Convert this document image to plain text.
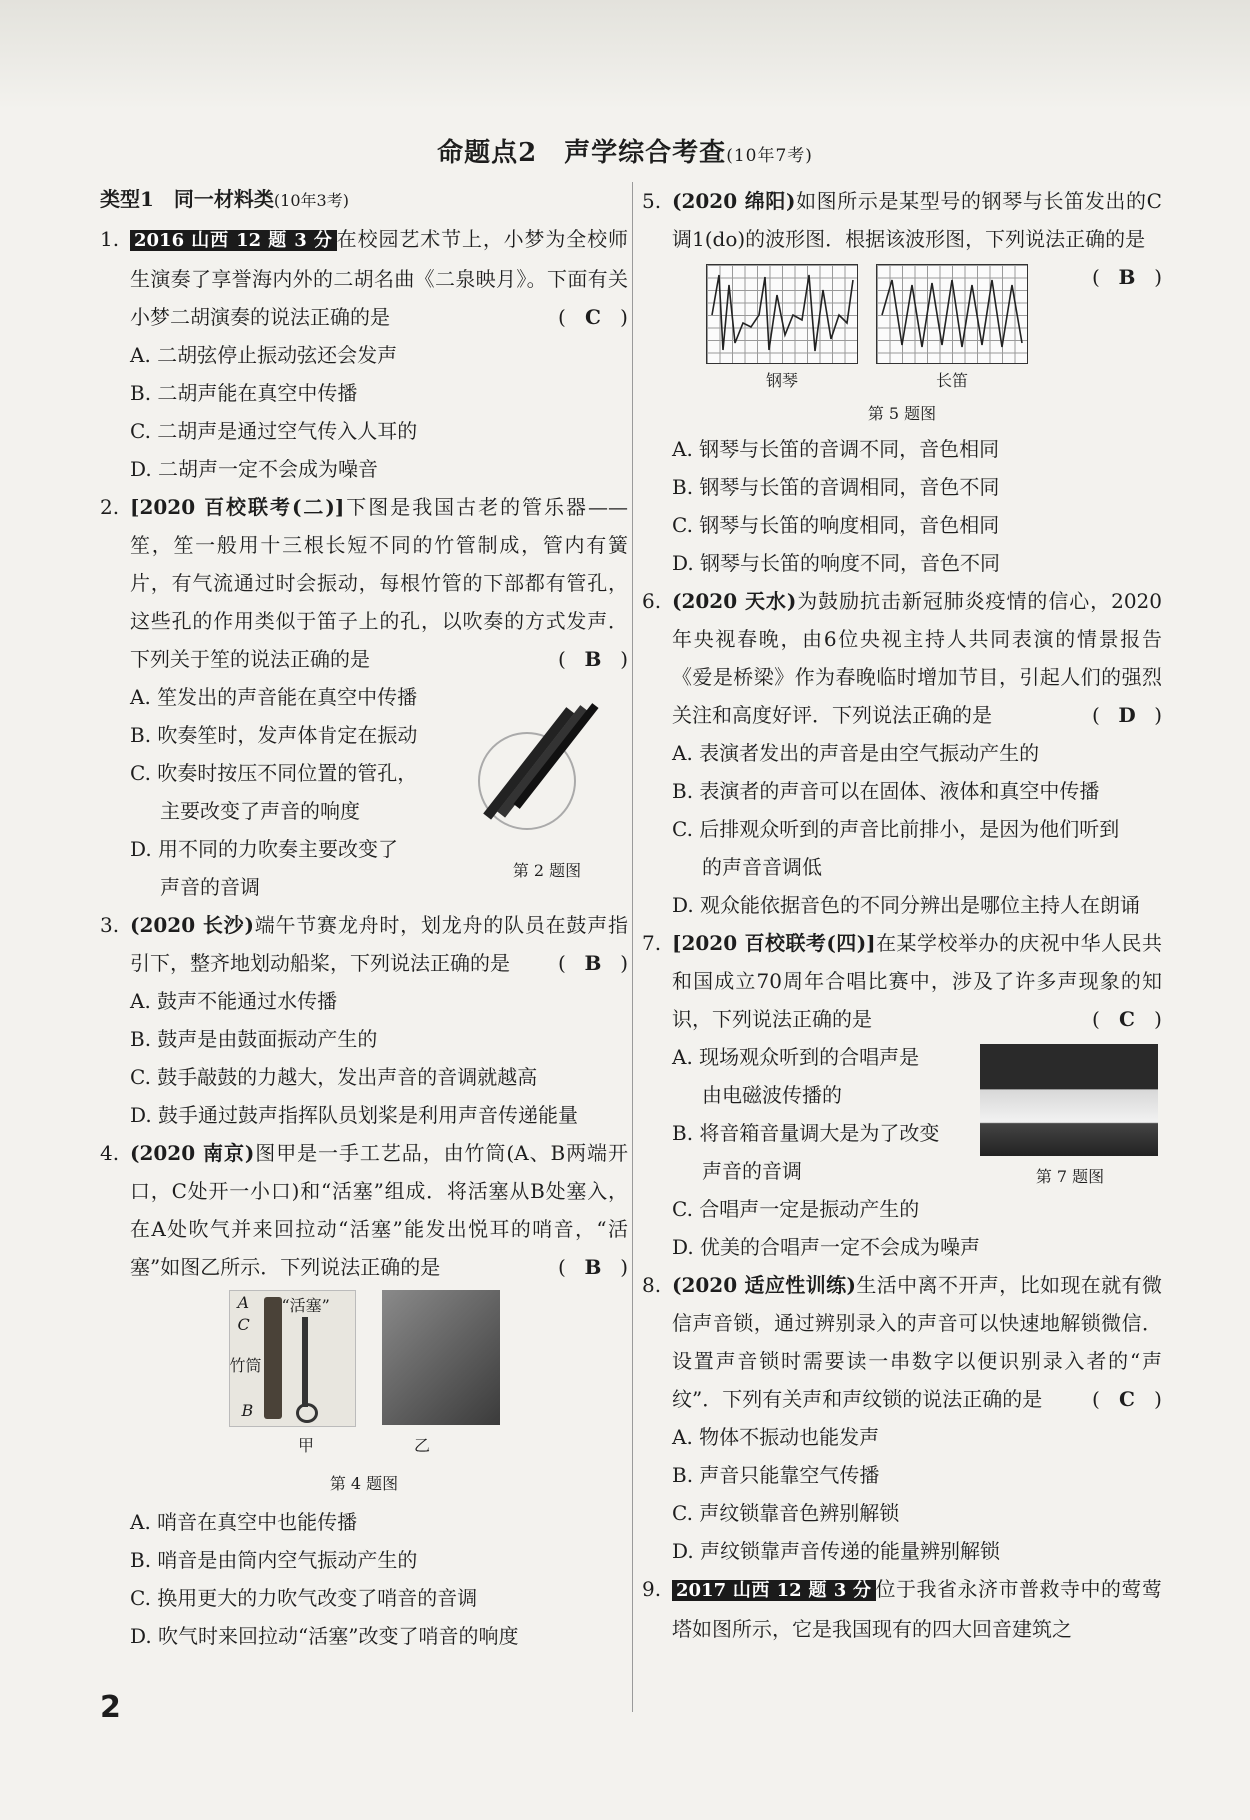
命题点2　声学综合考查(10年7考)
类型1　同一材料类(10年3考)
1. 2016 山西 12 题 3 分 在校园艺术节上，小梦为全校师生演奏了享誉海内外的二胡名曲《二泉映月》。下面有关小梦二胡演奏的说法正确的是	( C )
A. 二胡弦停止振动弦还会发声
B. 二胡声能在真空中传播
C. 二胡声是通过空气传入人耳的
D. 二胡声一定不会成为噪音
2. [2020 百校联考(二)]下图是我国古老的管乐器——笙，笙一般用十三根长短不同的竹管制成，管内有簧片，有气流通过时会振动，每根竹管的下部都有管孔，这些孔的作用类似于笛子上的孔，以吹奏的方式发声．下列关于笙的说法正确的是	( B )
A. 笙发出的声音能在真空中传播
B. 吹奏笙时，发声体肯定在振动
C. 吹奏时按压不同位置的管孔，
主要改变了声音的响度
D. 用不同的力吹奏主要改变了
声音的音调
第 2 题图
3. (2020 长沙)端午节赛龙舟时，划龙舟的队员在鼓声指引下，整齐地划动船桨，下列说法正确的是 ( B )
A. 鼓声不能通过水传播
B. 鼓声是由鼓面振动产生的
C. 鼓手敲鼓的力越大，发出声音的音调就越高
D. 鼓手通过鼓声指挥队员划桨是利用声音传递能量
4. (2020 南京)图甲是一手工艺品，由竹筒(A、B两端开口，C处开一小口)和“活塞”组成．将活塞从B处塞入，在A处吹气并来回拉动“活塞”能发出悦耳的哨音，“活塞”如图乙所示．下列说法正确的是	( B )
A
C
“活塞”
竹筒
B
甲	乙
第 4 题图
A. 哨音在真空中也能传播
B. 哨音是由筒内空气振动产生的
C. 换用更大的力吹气改变了哨音的音调
D. 吹气时来回拉动“活塞”改变了哨音的响度
5. (2020 绵阳)如图所示是某型号的钢琴与长笛发出的C调1(do)的波形图．根据该波形图，下列说法正确的是
( B )
钢琴	长笛
第 5 题图
A. 钢琴与长笛的音调不同，音色相同
B. 钢琴与长笛的音调相同，音色不同
C. 钢琴与长笛的响度相同，音色相同
D. 钢琴与长笛的响度不同，音色不同
6. (2020 天水)为鼓励抗击新冠肺炎疫情的信心，2020年央视春晚，由6位央视主持人共同表演的情景报告《爱是桥梁》作为春晚临时增加节目，引起人们的强烈关注和高度好评．下列说法正确的是	( D )
A. 表演者发出的声音是由空气振动产生的
B. 表演者的声音可以在固体、液体和真空中传播
C. 后排观众听到的声音比前排小，是因为他们听到
的声音音调低
D. 观众能依据音色的不同分辨出是哪位主持人在朗诵
7. [2020 百校联考(四)]在某学校举办的庆祝中华人民共和国成立70周年合唱比赛中，涉及了许多声现象的知识，下列说法正确的是	( C )
A. 现场观众听到的合唱声是
由电磁波传播的
B. 将音箱音量调大是为了改变
声音的音调
C. 合唱声一定是振动产生的
D. 优美的合唱声一定不会成为噪声
第 7 题图
8. (2020 适应性训练)生活中离不开声，比如现在就有微信声音锁，通过辨别录入的声音可以快速地解锁微信．设置声音锁时需要读一串数字以便识别录入者的“声纹”．下列有关声和声纹锁的说法正确的是 ( C )
A. 物体不振动也能发声
B. 声音只能靠空气传播
C. 声纹锁靠音色辨别解锁
D. 声纹锁靠声音传递的能量辨别解锁
9. 2017 山西 12 题 3 分 位于我省永济市普救寺中的莺莺塔如图所示，它是我国现有的四大回音建筑之
2
